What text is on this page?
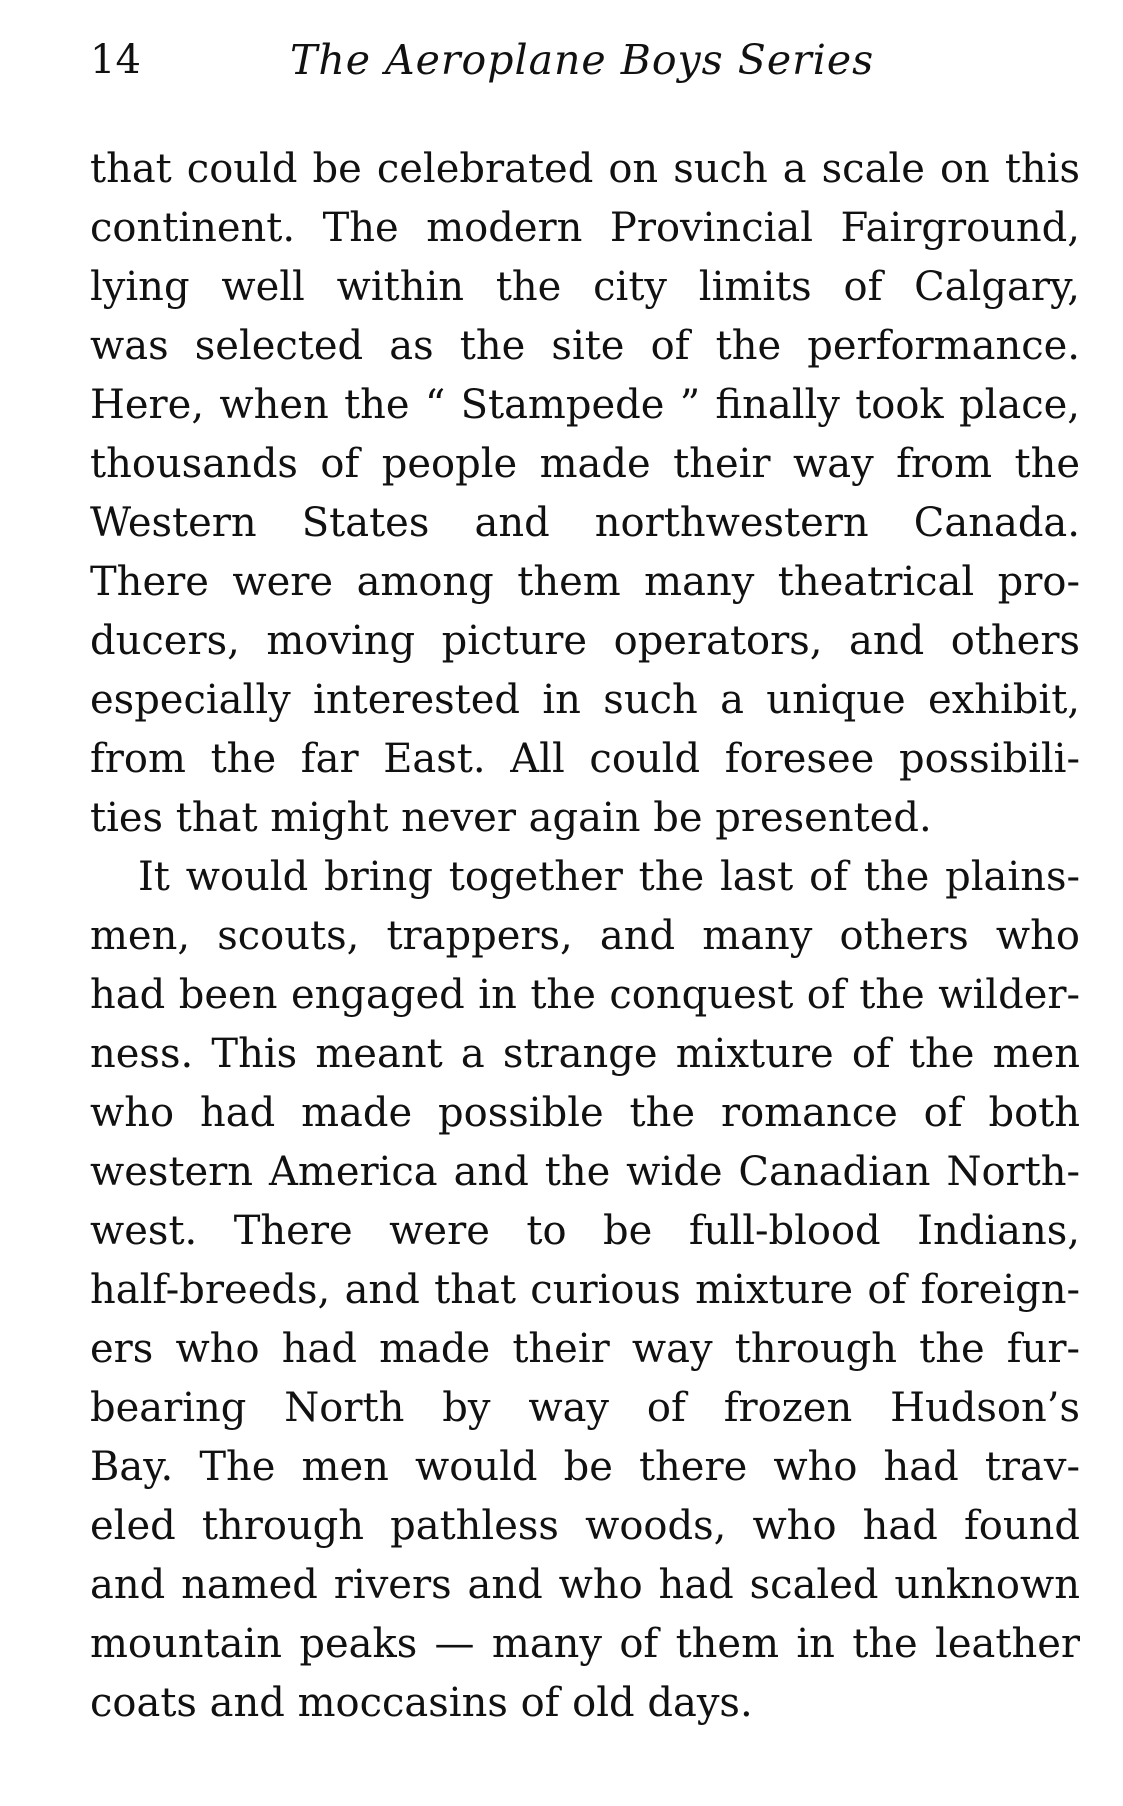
14	The Aeroplane Boys Series
that could be celebrated on such a scale on this
continent. The modern Provincial Fairground,
lying well within the city limits of Calgary,
was selected as the site of the performance.
Here, when the “ Stampede ” finally took place,
thousands of people made their way from the
Western States and northwestern Canada.
There were among them many theatrical pro-
ducers, moving picture operators, and others
especially interested in such a unique exhibit,
from the far East. All could foresee possibili-
ties that might never again be presented.
It would bring together the last of the plains-
men, scouts, trappers, and many others who
had been engaged in the conquest of the wilder-
ness. This meant a strange mixture of the men
who had made possible the romance of both
western America and the wide Canadian North-
west. There were to be full-blood Indians,
half-breeds, and that curious mixture of foreign-
ers who had made their way through the fur-
bearing North by way of frozen Hudson’s
Bay. The men would be there who had trav-
eled through pathless woods, who had found
and named rivers and who had scaled unknown
mountain peaks — many of them in the leather
coats and moccasins of old days.
